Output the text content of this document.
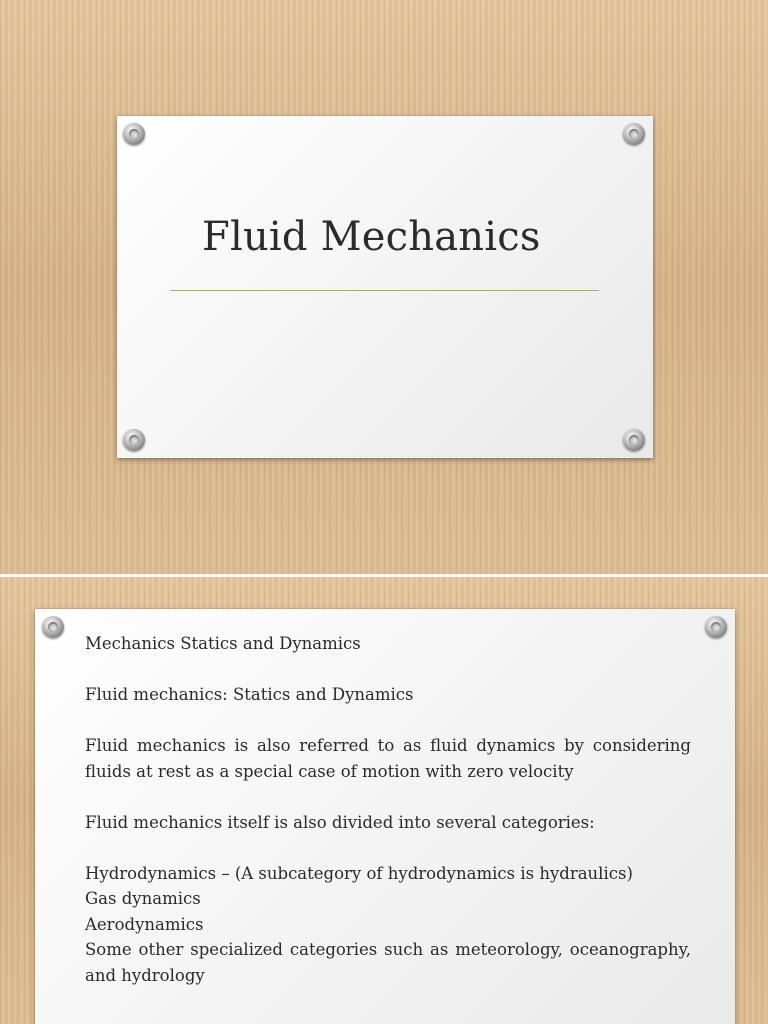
Fluid Mechanics

Mechanics Statics and Dynamics

Fluid mechanics: Statics and Dynamics

Fluid mechanics is also referred to as fluid dynamics by considering fluids at rest as a special case of motion with zero velocity

Fluid mechanics itself is also divided into several categories:

Hydrodynamics – (A subcategory of hydrodynamics is hydraulics)

Gas dynamics

Aerodynamics

Some other specialized categories such as meteorology, oceanography, and hydrology
